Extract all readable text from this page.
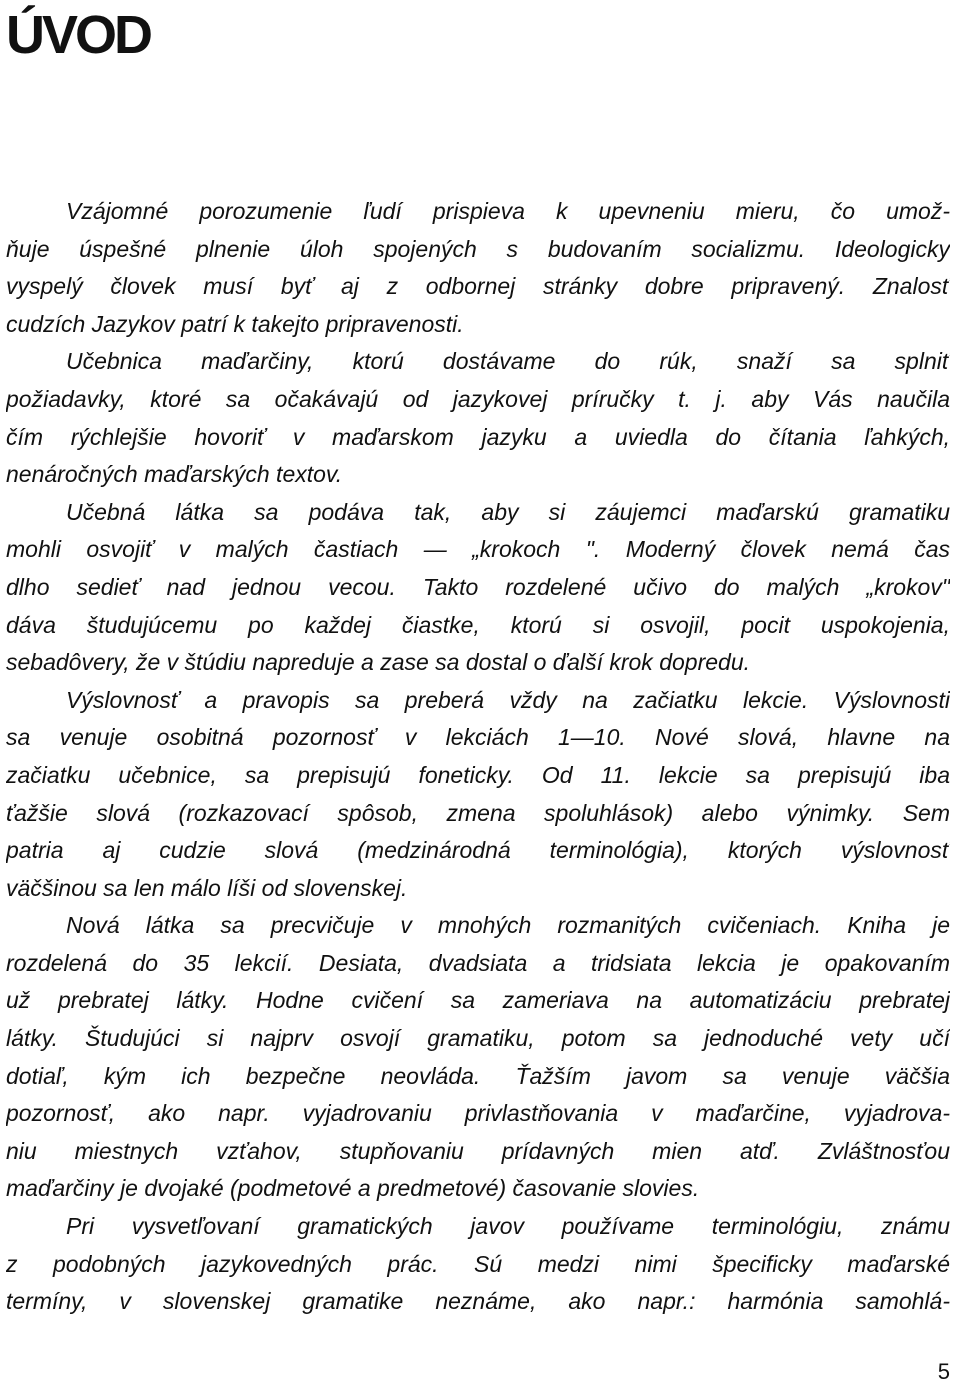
ÚVOD
Vzájomné porozumenie ľudí prispieva k upevneniu mieru, čo umož-
ňuje úspešné plnenie úloh spojených s budovaním socializmu. Ideologicky
vyspelý človek musí byť aj z odbornej stránky dobre pripravený. Znalosť
cudzích Jazykov patrí k takejto pripravenosti.
Učebnica maďarčiny, ktorú dostávame do rúk, snaží sa splniť
požiadavky, ktoré sa očakávajú od jazykovej príručky t. j. aby Vás naučila
čím rýchlejšie hovoriť v maďarskom jazyku a uviedla do čítania ľahkých,
nenáročných maďarských textov.
Učebná látka sa podáva tak, aby si záujemci maďarskú gramatiku
mohli osvojiť v malých častiach — „krokoch ". Moderný človek nemá čas
dlho sedieť nad jednou vecou. Takto rozdelené učivo do malých „krokov"
dáva študujúcemu po každej čiastke, ktorú si osvojil, pocit uspokojenia,
sebadôvery, že v štúdiu napreduje a zase sa dostal o ďalší krok dopredu.
Výslovnosť a pravopis sa preberá vždy na začiatku lekcie. Výslovnosti
sa venuje osobitná pozornosť v lekciách 1—10. Nové slová, hlavne na
začiatku učebnice, sa prepisujú foneticky. Od 11. lekcie sa prepisujú iba
ťažšie slová (rozkazovací spôsob, zmena spoluhlások) alebo výnimky. Sem
patria aj cudzie slová (medzinárodná terminológia), ktorých výslovnosť
väčšinou sa len málo líši od slovenskej.
Nová látka sa precvičuje v mnohých rozmanitých cvičeniach. Kniha je
rozdelená do 35 lekcií. Desiata, dvadsiata a tridsiata lekcia je opakovaním
už prebratej látky. Hodne cvičení sa zameriava na automatizáciu prebratej
látky. Študujúci si najprv osvojí gramatiku, potom sa jednoduché vety učí
dotiaľ, kým ich bezpečne neovláda. Ťažším javom sa venuje väčšia
pozornosť, ako napr. vyjadrovaniu privlastňovania v maďarčine, vyjadrova-
niu miestnych vzťahov, stupňovaniu prídavných mien atď. Zvláštnosťou
maďarčiny je dvojaké (podmetové a predmetové) časovanie slovies.
Pri vysvetľovaní gramatických javov používame terminológiu, známu
z podobných jazykovedných prác. Sú medzi nimi špecificky maďarské
termíny, v slovenskej gramatike neznáme, ako napr.: harmónia samohlá-
5
